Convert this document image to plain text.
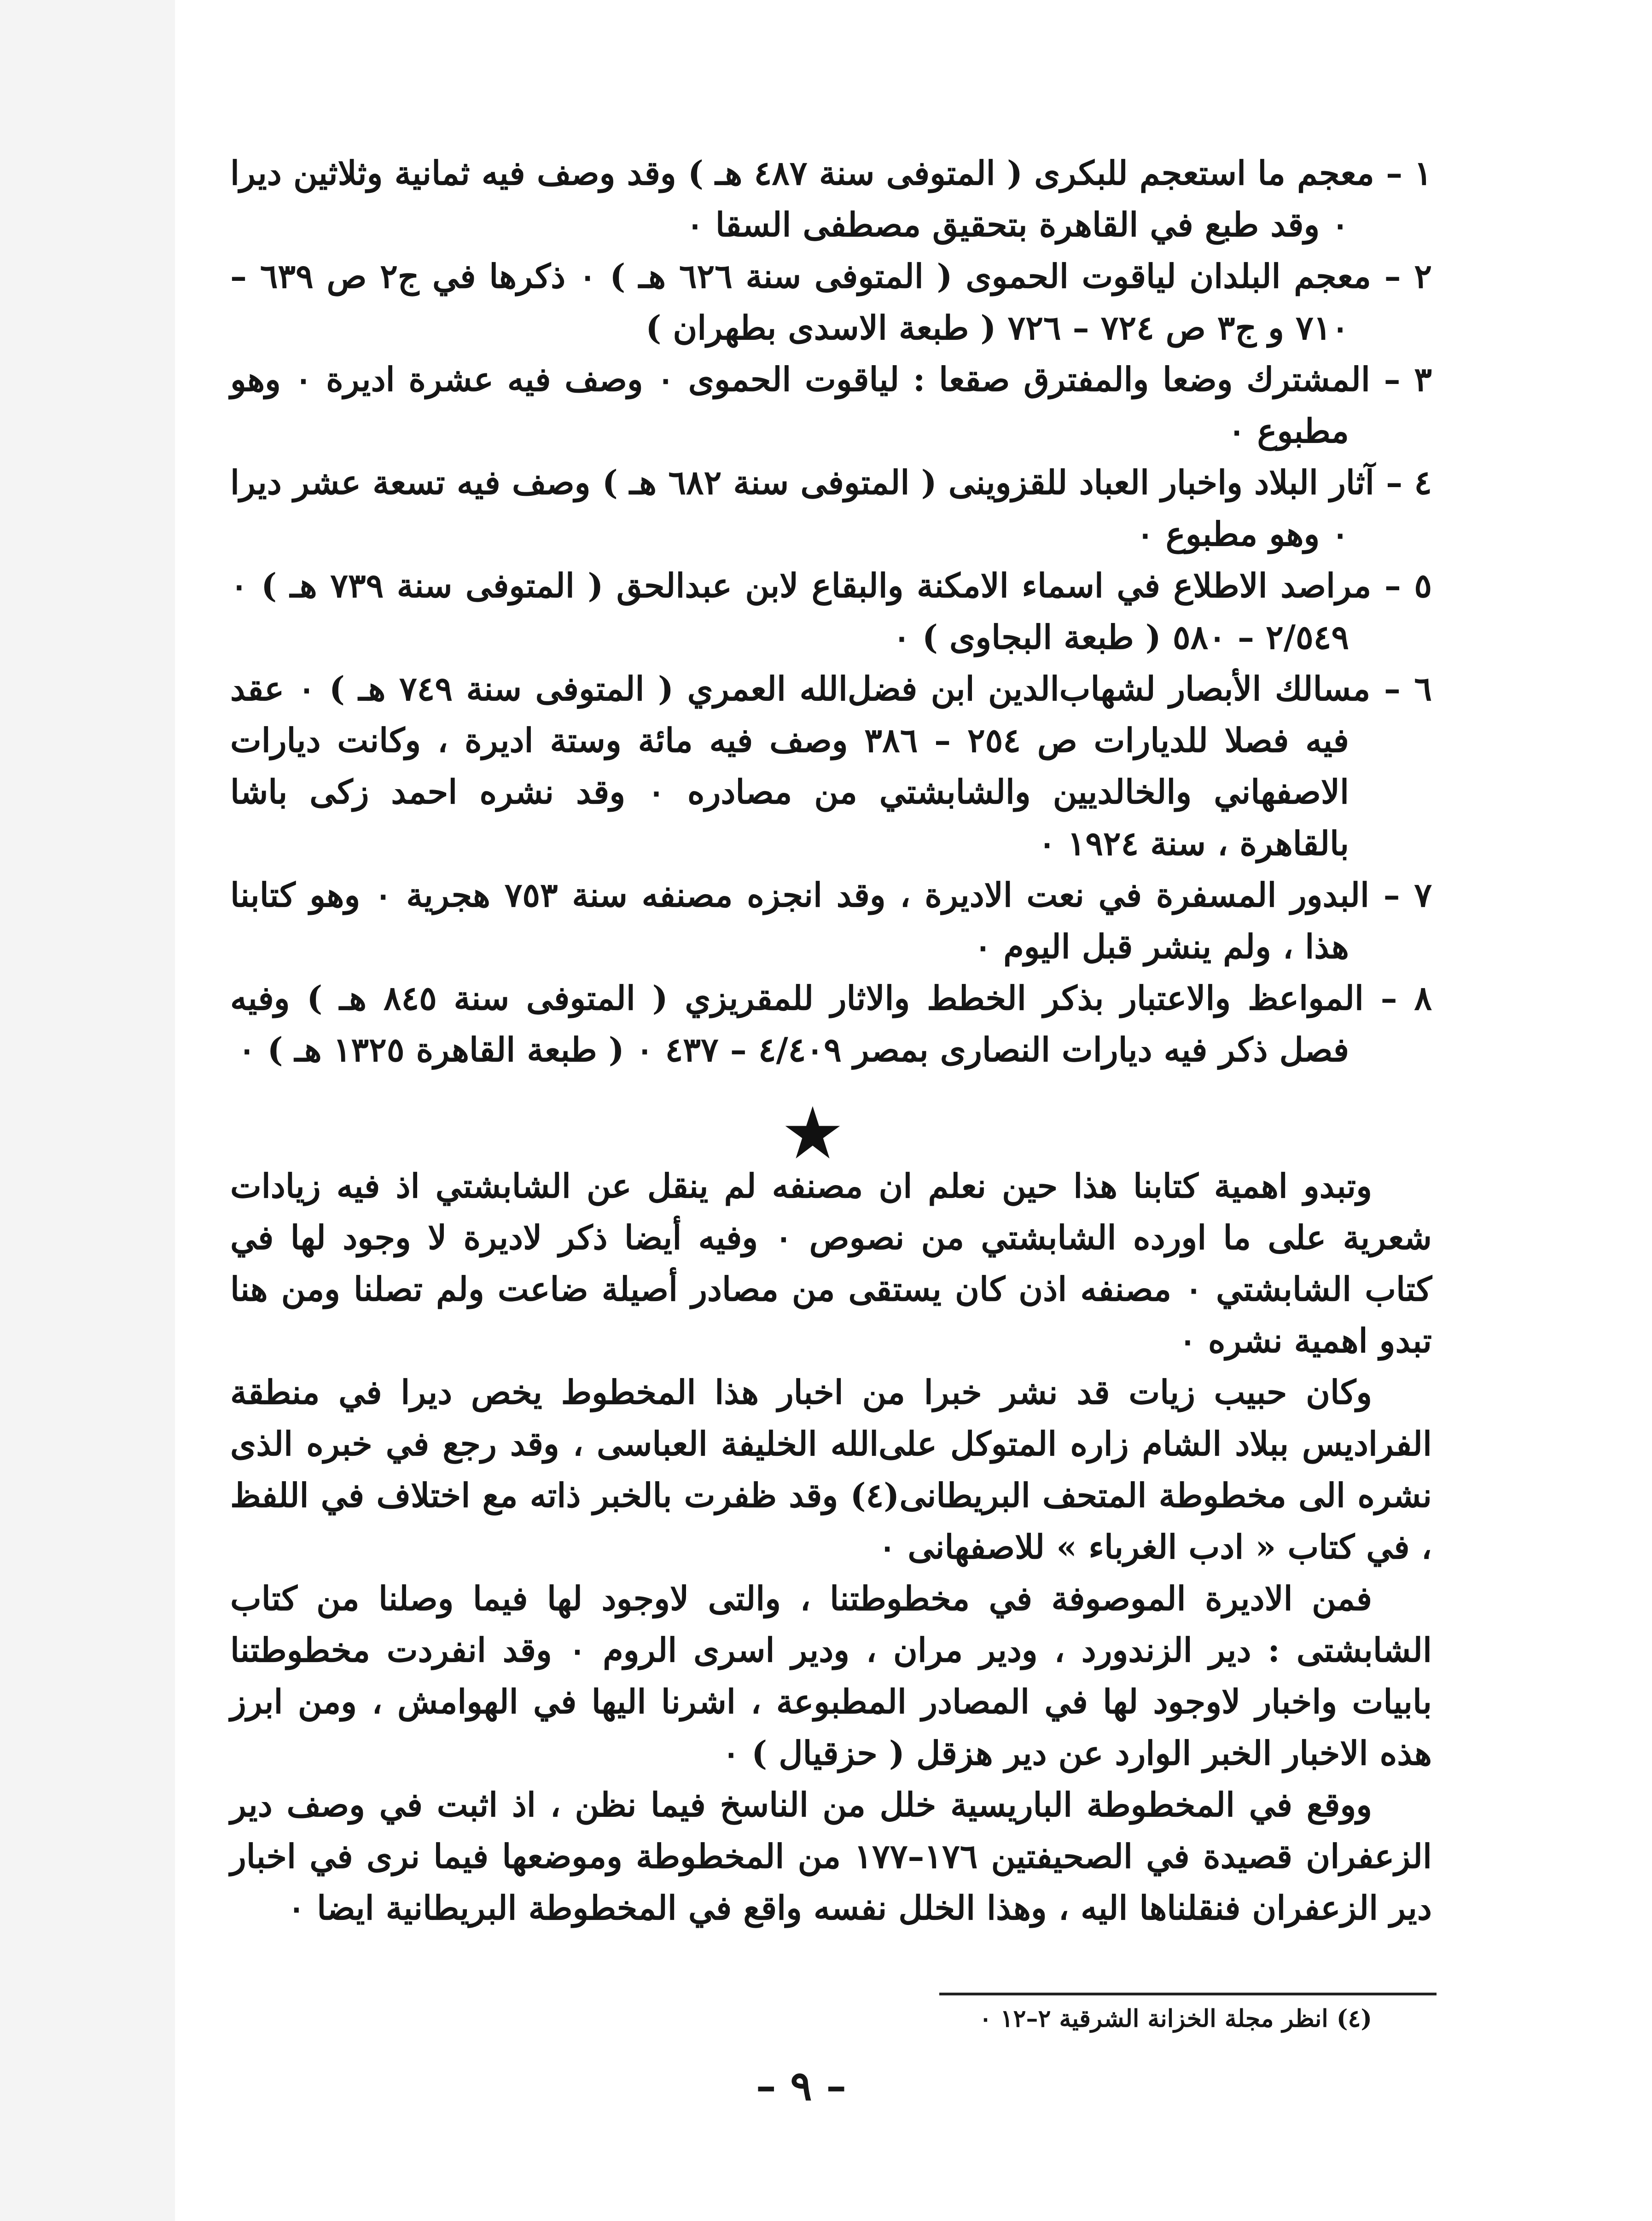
١ – معجم ما استعجم للبكرى ( المتوفى سنة ٤٨٧ هـ ) وقد وصف فيه ثمانية وثلاثين ديرا ٠ وقد طبع في القاهرة بتحقيق مصطفى السقا ٠

٢ – معجم البلدان لياقوت الحموى ( المتوفى سنة ٦٢٦ هـ ) ٠ ذكرها في ج٢ ص ٦٣٩ – ٧١٠ و ج٣ ص ٧٢٤ – ٧٢٦ ( طبعة الاسدى بطهران )

٣ – المشترك وضعا والمفترق صقعا : لياقوت الحموى ٠ وصف فيه عشرة اديرة ٠ وهو مطبوع ٠

٤ – آثار البلاد واخبار العباد للقزوينى ( المتوفى سنة ٦٨٢ هـ ) وصف فيه تسعة عشر ديرا ٠ وهو مطبوع ٠

٥ – مراصد الاطلاع في اسماء الامكنة والبقاع لابن عبدالحق ( المتوفى سنة ٧٣٩ هـ ) ٠ ٢/٥٤٩ – ٥٨٠ ( طبعة البجاوى ) ٠

٦ – مسالك الأبصار لشهاب‌الدين ابن فضل‌الله العمري ( المتوفى سنة ٧٤٩ هـ ) ٠ عقد فيه فصلا للديارات ص ٢٥٤ – ٣٨٦ وصف فيه مائة وستة اديرة ، وكانت ديارات الاصفهاني والخالديين والشابشتي من مصادره ٠ وقد نشره احمد زكى باشا بالقاهرة ، سنة ١٩٢٤ ٠

٧ – البدور المسفرة في نعت الاديرة ، وقد انجزه مصنفه سنة ٧٥٣ هجرية ٠ وهو كتابنا هذا ، ولم ينشر قبل اليوم ٠

٨ – المواعظ والاعتبار بذكر الخطط والاثار للمقريزي ( المتوفى سنة ٨٤٥ هـ ) وفيه فصل ذكر فيه ديارات النصارى بمصر ٤/٤٠٩ – ٤٣٧ ٠ ( طبعة القاهرة ١٣٢٥ هـ ) ٠

وتبدو اهمية كتابنا هذا حين نعلم ان مصنفه لم ينقل عن الشابشتي اذ فيه زيادات شعرية على ما اورده الشابشتي من نصوص ٠ وفيه أيضا ذكر لاديرة لا وجود لها في كتاب الشابشتي ٠ مصنفه اذن كان يستقى من مصادر أصيلة ضاعت ولم تصلنا ومن هنا تبدو اهمية نشره ٠

وكان حبيب زيات قد نشر خبرا من اخبار هذا المخطوط يخص ديرا في منطقة الفراديس ببلاد الشام زاره المتوكل على‌الله الخليفة العباسى ، وقد رجع في خبره الذى نشره الى مخطوطة المتحف البريطانى(٤) وقد ظفرت بالخبر ذاته مع اختلاف في اللفظ ، في كتاب « ادب الغرباء » للاصفهانى ٠

فمن الاديرة الموصوفة في مخطوطتنا ، والتى لاوجود لها فيما وصلنا من كتاب الشابشتى : دير الزندورد ، ودير مران ، ودير اسرى الروم ٠ وقد انفردت مخطوطتنا بابيات واخبار لاوجود لها في المصادر المطبوعة ، اشرنا اليها في الهوامش ، ومن ابرز هذه الاخبار الخبر الوارد عن دير هزقل ( حزقيال ) ٠

ووقع في المخطوطة الباريسية خلل من الناسخ فيما نظن ، اذ اثبت في وصف دير الزعفران قصيدة في الصحيفتين ١٧٦–١٧٧ من المخطوطة وموضعها فيما نرى في اخبار دير الزعفران فنقلناها اليه ، وهذا الخلل نفسه واقع في المخطوطة البريطانية ايضا ٠

(٤) انظر مجلة الخزانة الشرقية ٢–١٢ ٠
– ٩ –
